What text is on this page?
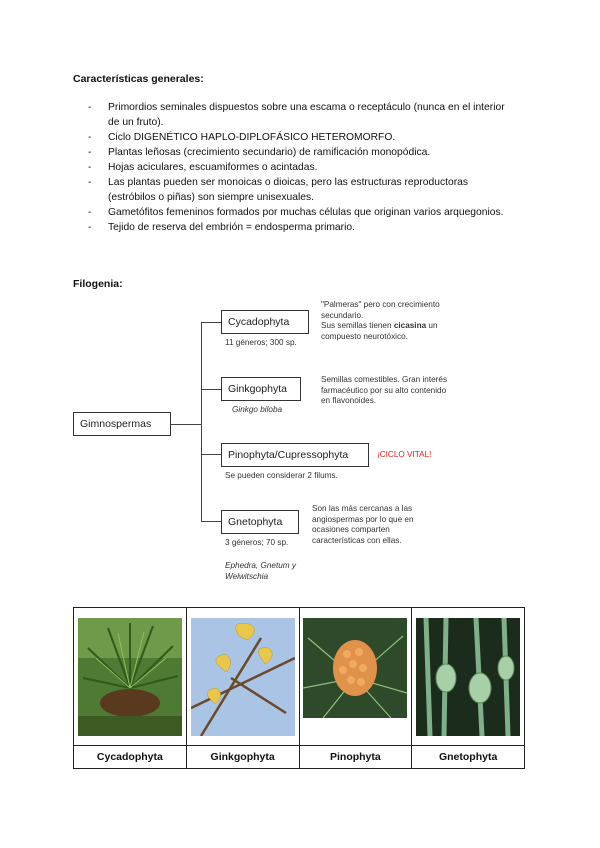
Características generales:
- Primordios seminales dispuestos sobre una escama o receptáculo (nunca en el interior de un fruto).
- Ciclo DIGENÉTICO HAPLO-DIPLOFÁSICO HETEROMORFO.
- Plantas leñosas (crecimiento secundario) de ramificación monopódica.
- Hojas aciculares, escuamiformes o acintadas.
- Las plantas pueden ser monoicas o dioicas, pero las estructuras reproductoras (estróbilos o piñas) son siempre unisexuales.
- Gametófitos femeninos formados por muchas células que originan varios arquegonios.
- Tejido de reserva del embrión = endosperma primario.
Filogenia:
Gimnospermas
Cycadophyta
11 géneros; 300 sp.
"Palmeras" pero con crecimiento secundario.
Sus semillas tienen cicasina un compuesto neurotóxico.
Ginkgophyta
Ginkgo biloba
Semillas comestibles. Gran interés farmacéutico por su alto contenido en flavonoides.
Pinophyta/Cupressophyta
Se pueden considerar 2 filums.
¡CICLO VITAL!
Gnetophyta
3 géneros; 70 sp.
Ephedra, Gnetum y Welwitschia
Son las más cercanas a las angiospermas por lo que en ocasiones comparten características con ellas.

Cycadophyta	Ginkgophyta	Pinophyta	Gnetophyta
